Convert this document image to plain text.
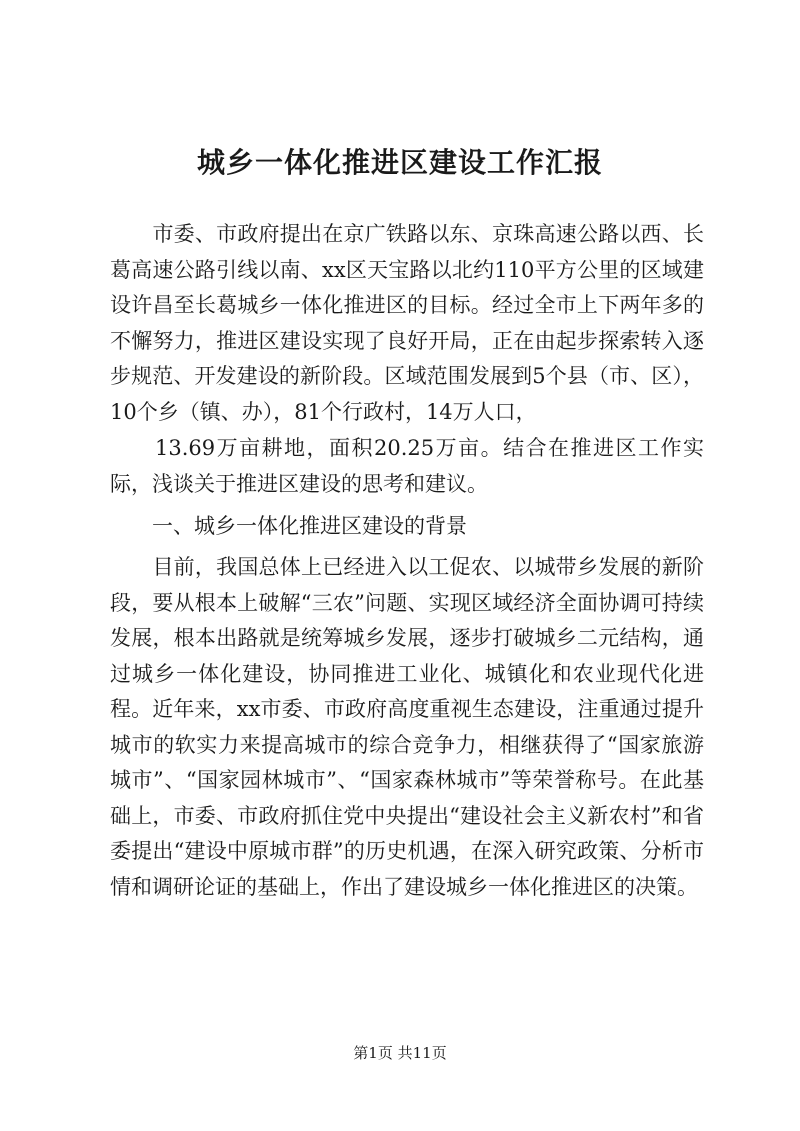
城乡一体化推进区建设工作汇报

　　市委、市政府提出在京广铁路以东、京珠高速公路以西、长葛高速公路引线以南、xx区天宝路以北约110平方公里的区域建设许昌至长葛城乡一体化推进区的目标。经过全市上下两年多的不懈努力，推进区建设实现了良好开局，正在由起步探索转入逐步规范、开发建设的新阶段。区域范围发展到5个县（市、区），10个乡（镇、办），81个行政村，14万人口，

　　13.69万亩耕地，面积20.25万亩。结合在推进区工作实际，浅谈关于推进区建设的思考和建议。

　　一、城乡一体化推进区建设的背景

　　目前，我国总体上已经进入以工促农、以城带乡发展的新阶段，要从根本上破解“三农”问题、实现区域经济全面协调可持续发展，根本出路就是统筹城乡发展，逐步打破城乡二元结构，通过城乡一体化建设，协同推进工业化、城镇化和农业现代化进程。近年来，xx市委、市政府高度重视生态建设，注重通过提升城市的软实力来提高城市的综合竞争力，相继获得了“国家旅游城市”、“国家园林城市”、“国家森林城市”等荣誉称号。在此基础上，市委、市政府抓住党中央提出“建设社会主义新农村”和省委提出“建设中原城市群”的历史机遇，在深入研究政策、分析市情和调研论证的基础上，作出了建设城乡一体化推进区的决策。

第1页 共11页
